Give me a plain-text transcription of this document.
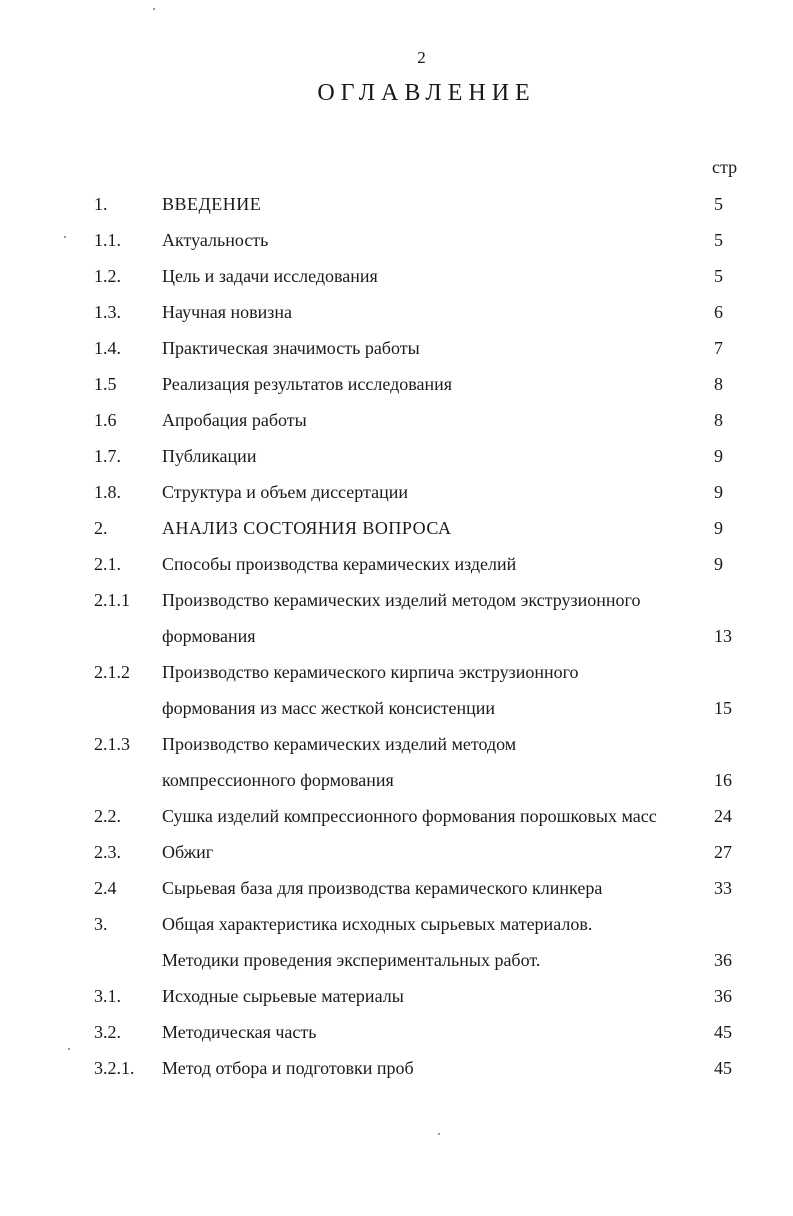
2
ОГЛАВЛЕНИЕ
стр
1.	ВВЕДЕНИЕ	5
1.1.	Актуальность	5
1.2.	Цель и задачи исследования	5
1.3.	Научная новизна	6
1.4.	Практическая значимость работы	7
1.5	Реализация результатов исследования	8
1.6	Апробация работы	8
1.7.	Публикации	9
1.8.	Структура и объем диссертации	9
2.	АНАЛИЗ СОСТОЯНИЯ ВОПРОСА	9
2.1.	Способы производства керамических изделий	9
2.1.1	Производство керамических изделий методом экструзионного
формования	13
2.1.2	Производство керамического кирпича экструзионного
формования из масс жесткой консистенции	15
2.1.3	Производство керамических изделий методом
компрессионного формования	16
2.2.	Сушка изделий компрессионного формования порошковых масс	24
2.3.	Обжиг	27
2.4	Сырьевая база для производства керамического клинкера	33
3.	Общая характеристика исходных сырьевых материалов.
Методики проведения экспериментальных работ.	36
3.1.	Исходные сырьевые материалы	36
3.2.	Методическая часть	45
3.2.1.	Метод отбора и подготовки проб	45
